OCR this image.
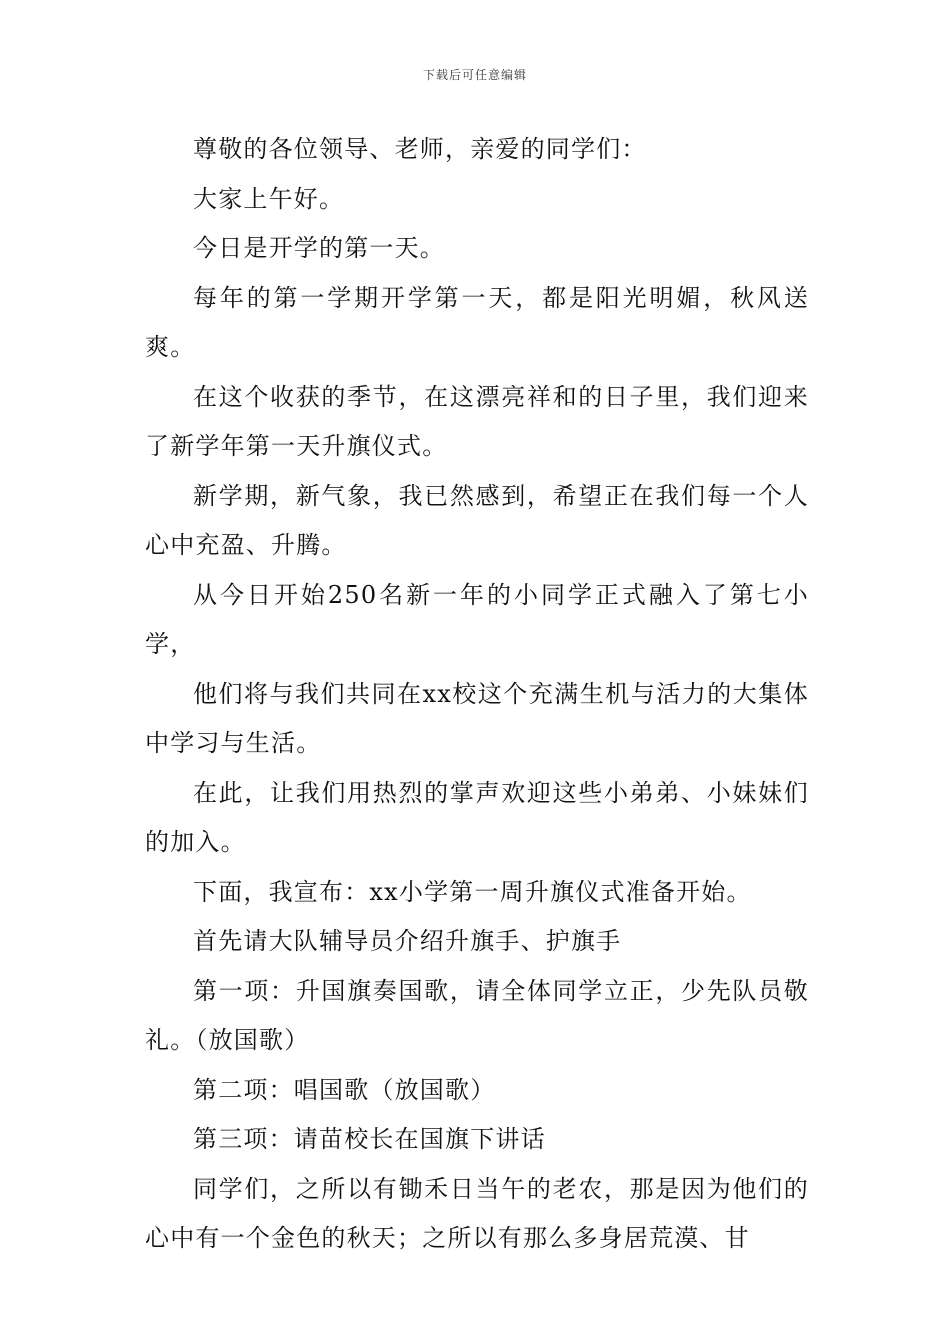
下载后可任意编辑

尊敬的各位领导、老师，亲爱的同学们：

大家上午好。

今日是开学的第一天。

每年的第一学期开学第一天，都是阳光明媚，秋风送爽。

在这个收获的季节，在这漂亮祥和的日子里，我们迎来了新学年第一天升旗仪式。

新学期，新气象，我已然感到，希望正在我们每一个人心中充盈、升腾。

从今日开始250名新一年的小同学正式融入了第七小学，

他们将与我们共同在xx校这个充满生机与活力的大集体中学习与生活。

在此，让我们用热烈的掌声欢迎这些小弟弟、小妹妹们的加入。

下面，我宣布：xx小学第一周升旗仪式准备开始。

首先请大队辅导员介绍升旗手、护旗手

第一项：升国旗奏国歌，请全体同学立正，少先队员敬礼。（放国歌）

第二项：唱国歌（放国歌）

第三项：请苗校长在国旗下讲话

同学们，之所以有锄禾日当午的老农，那是因为他们的心中有一个金色的秋天；之所以有那么多身居荒漠、甘
